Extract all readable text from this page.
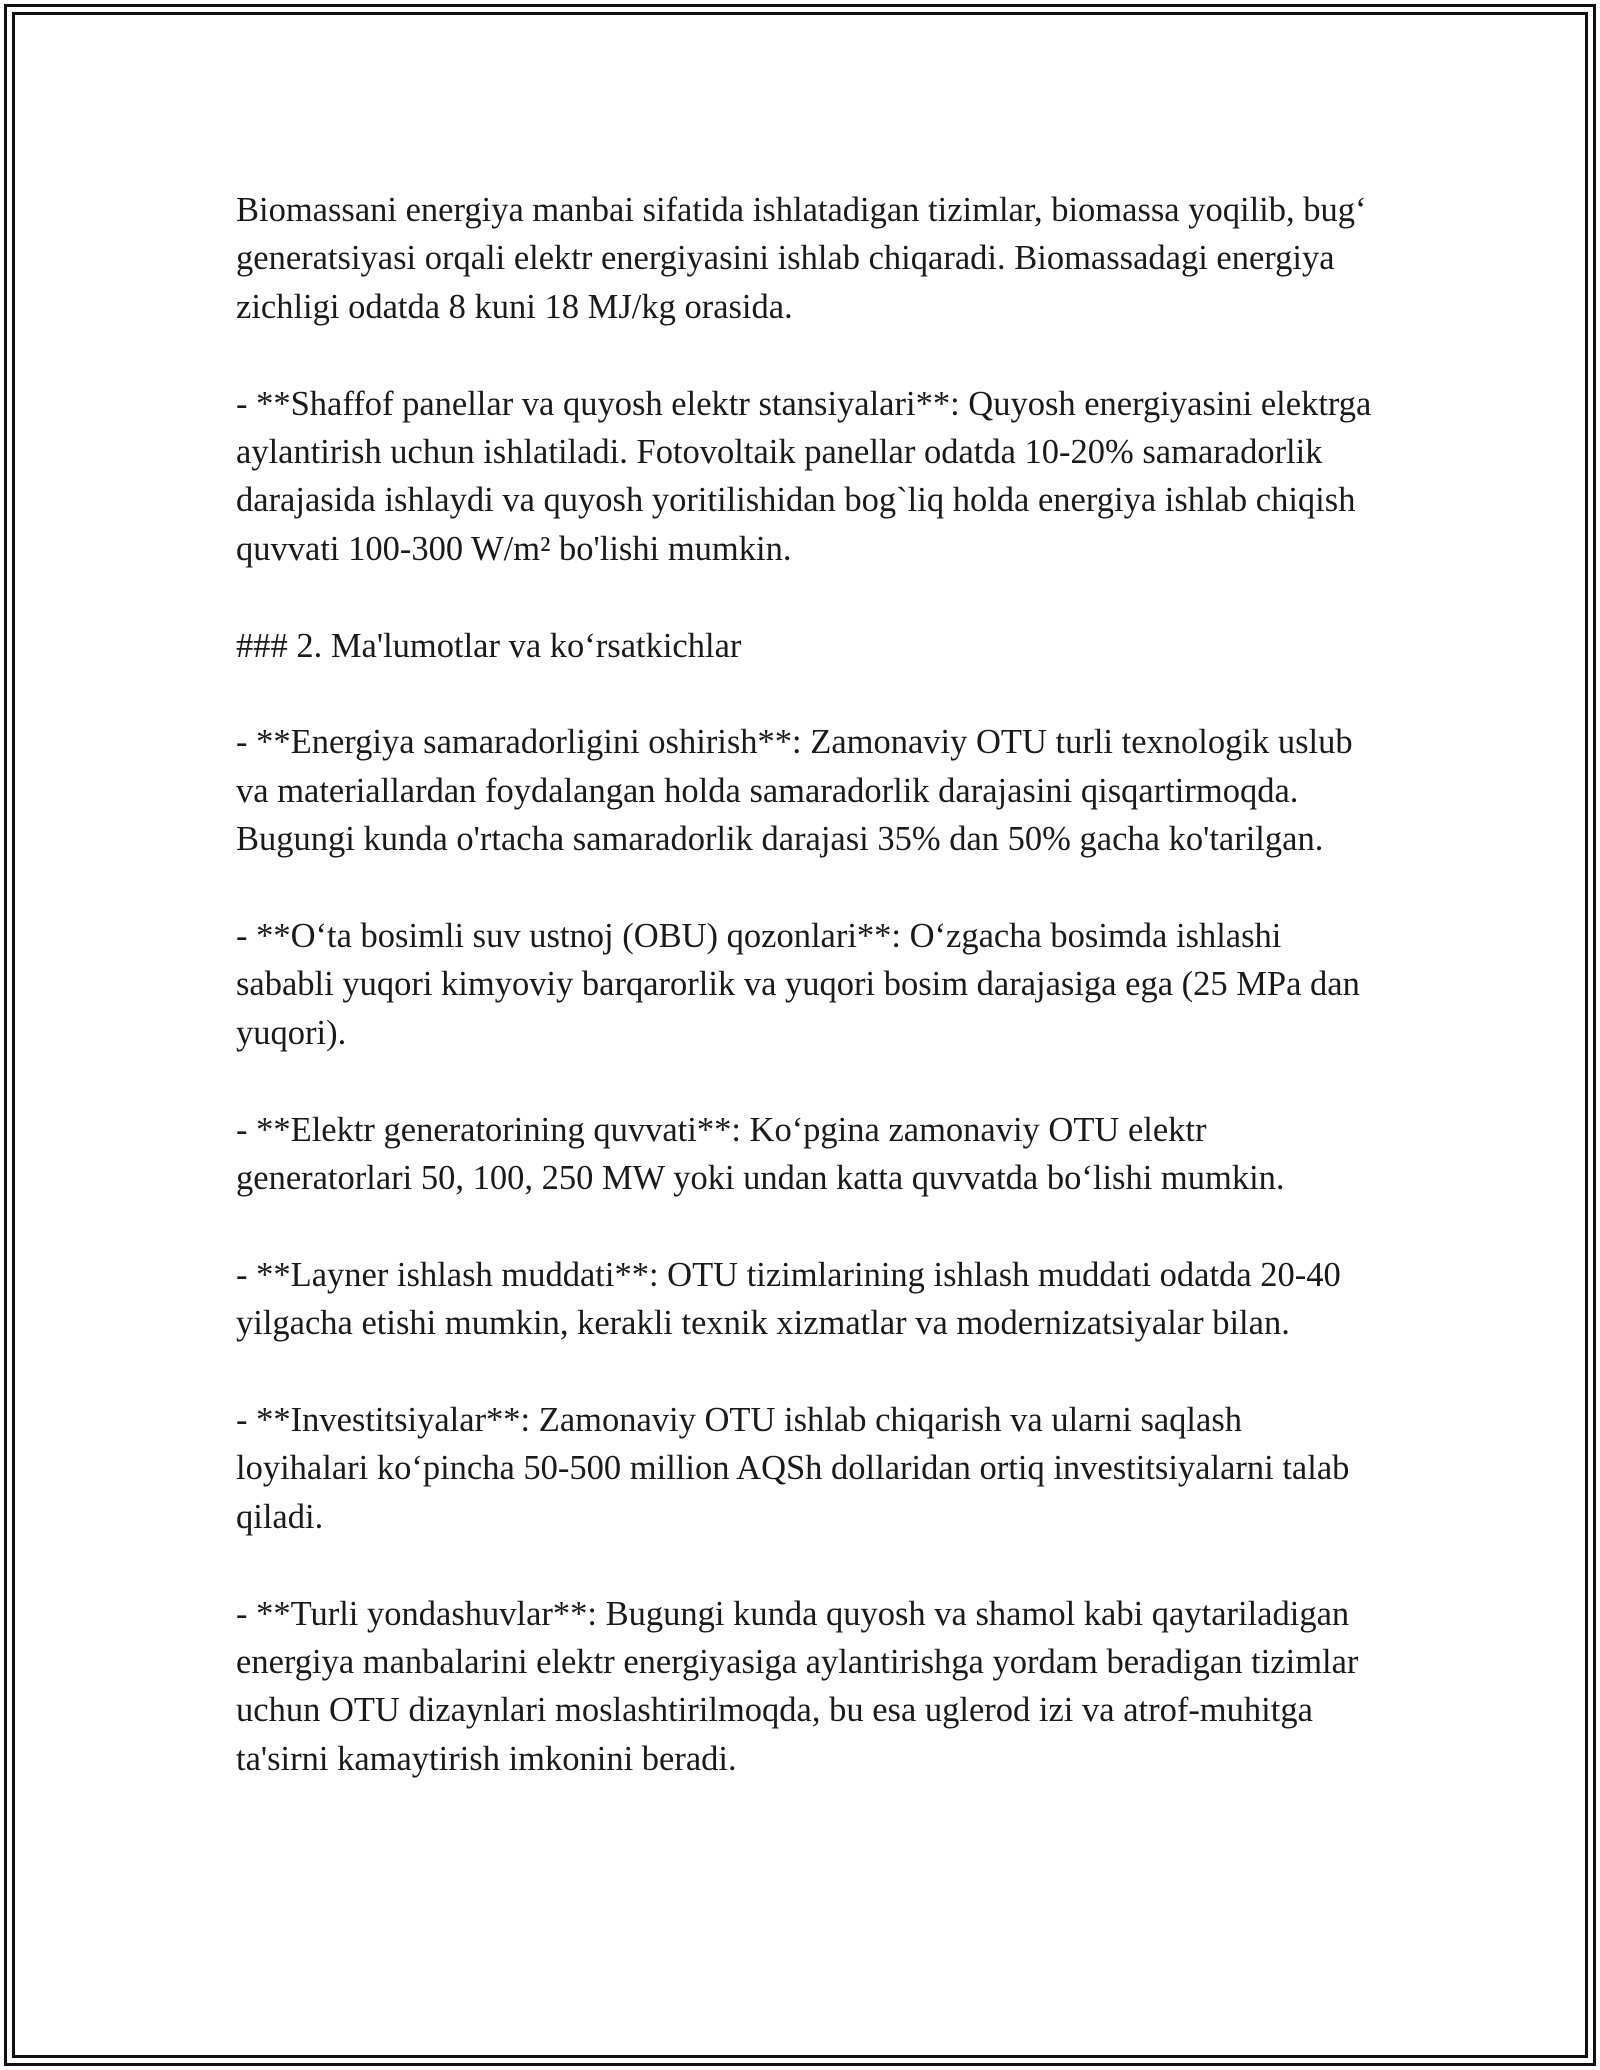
Biomassani energiya manbai sifatida ishlatadigan tizimlar, biomassa yoqilib, bug‘ generatsiyasi orqali elektr energiyasini ishlab chiqaradi. Biomassadagi energiya zichligi odatda 8 kuni 18 MJ/kg orasida.

- **Shaffof panellar va quyosh elektr stansiyalari**: Quyosh energiyasini elektrga aylantirish uchun ishlatiladi. Fotovoltaik panellar odatda 10-20% samaradorlik darajasida ishlaydi va quyosh yoritilishidan bog`liq holda energiya ishlab chiqish quvvati 100-300 W/m² bo'lishi mumkin.

### 2. Ma'lumotlar va ko‘rsatkichlar

- **Energiya samaradorligini oshirish**: Zamonaviy OTU turli texnologik uslub va materiallardan foydalangan holda samaradorlik darajasini qisqartirmoqda. Bugungi kunda o'rtacha samaradorlik darajasi 35% dan 50% gacha ko'tarilgan.

- **O‘ta bosimli suv ustnoj (OBU) qozonlari**: O‘zgacha bosimda ishlashi sababli yuqori kimyoviy barqarorlik va yuqori bosim darajasiga ega (25 MPa dan yuqori).

- **Elektr generatorining quvvati**: Ko‘pgina zamonaviy OTU elektr generatorlari 50, 100, 250 MW yoki undan katta quvvatda bo‘lishi mumkin.

- **Layner ishlash muddati**: OTU tizimlarining ishlash muddati odatda 20-40 yilgacha etishi mumkin, kerakli texnik xizmatlar va modernizatsiyalar bilan.

- **Investitsiyalar**: Zamonaviy OTU ishlab chiqarish va ularni saqlash loyihalari ko‘pincha 50-500 million AQSh dollaridan ortiq investitsiyalarni talab qiladi.

- **Turli yondashuvlar**: Bugungi kunda quyosh va shamol kabi qaytariladigan energiya manbalarini elektr energiyasiga aylantirishga yordam beradigan tizimlar uchun OTU dizaynlari moslashtirilmoqda, bu esa uglerod izi va atrof-muhitga ta'sirni kamaytirish imkonini beradi.
